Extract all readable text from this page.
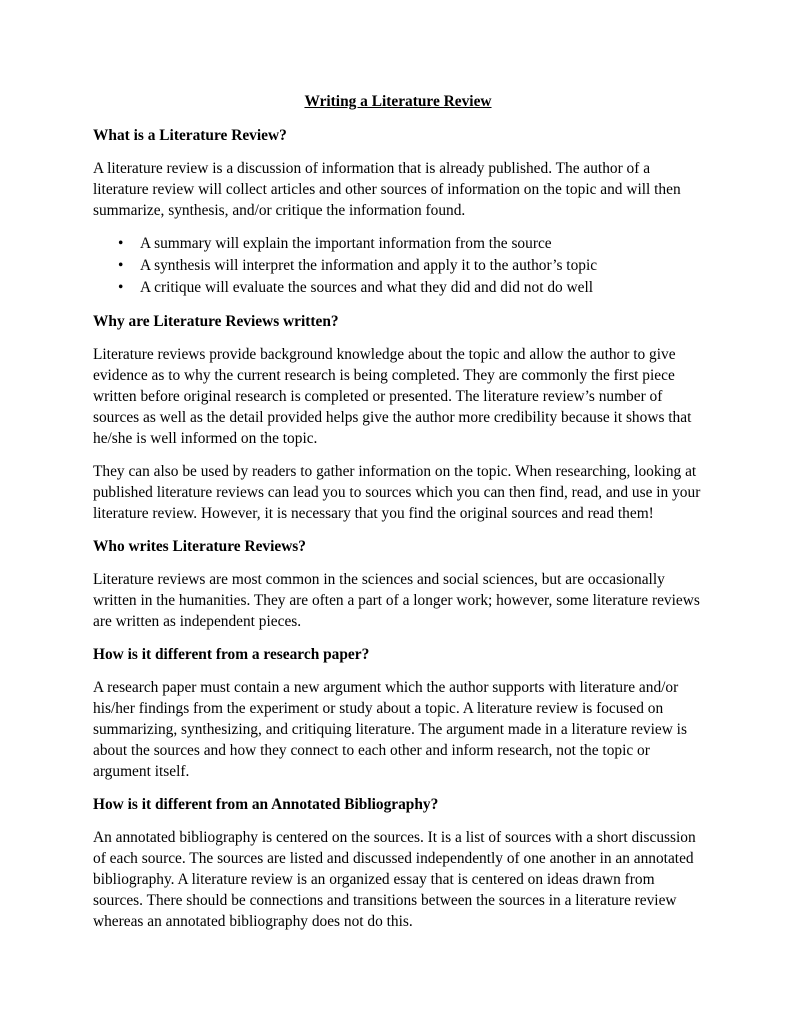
Writing a Literature Review
What is a Literature Review?

A literature review is a discussion of information that is already published. The author of a literature review will collect articles and other sources of information on the topic and will then summarize, synthesis, and/or critique the information found.

• A summary will explain the important information from the source
• A synthesis will interpret the information and apply it to the author’s topic
• A critique will evaluate the sources and what they did and did not do well
Why are Literature Reviews written?

Literature reviews provide background knowledge about the topic and allow the author to give evidence as to why the current research is being completed. They are commonly the first piece written before original research is completed or presented. The literature review’s number of sources as well as the detail provided helps give the author more credibility because it shows that he/she is well informed on the topic.

They can also be used by readers to gather information on the topic. When researching, looking at published literature reviews can lead you to sources which you can then find, read, and use in your literature review. However, it is necessary that you find the original sources and read them!

Who writes Literature Reviews?

Literature reviews are most common in the sciences and social sciences, but are occasionally written in the humanities. They are often a part of a longer work; however, some literature reviews are written as independent pieces.

How is it different from a research paper?

A research paper must contain a new argument which the author supports with literature and/or his/her findings from the experiment or study about a topic. A literature review is focused on summarizing, synthesizing, and critiquing literature. The argument made in a literature review is about the sources and how they connect to each other and inform research, not the topic or argument itself.

How is it different from an Annotated Bibliography?

An annotated bibliography is centered on the sources. It is a list of sources with a short discussion of each source. The sources are listed and discussed independently of one another in an annotated bibliography. A literature review is an organized essay that is centered on ideas drawn from sources. There should be connections and transitions between the sources in a literature review whereas an annotated bibliography does not do this.
